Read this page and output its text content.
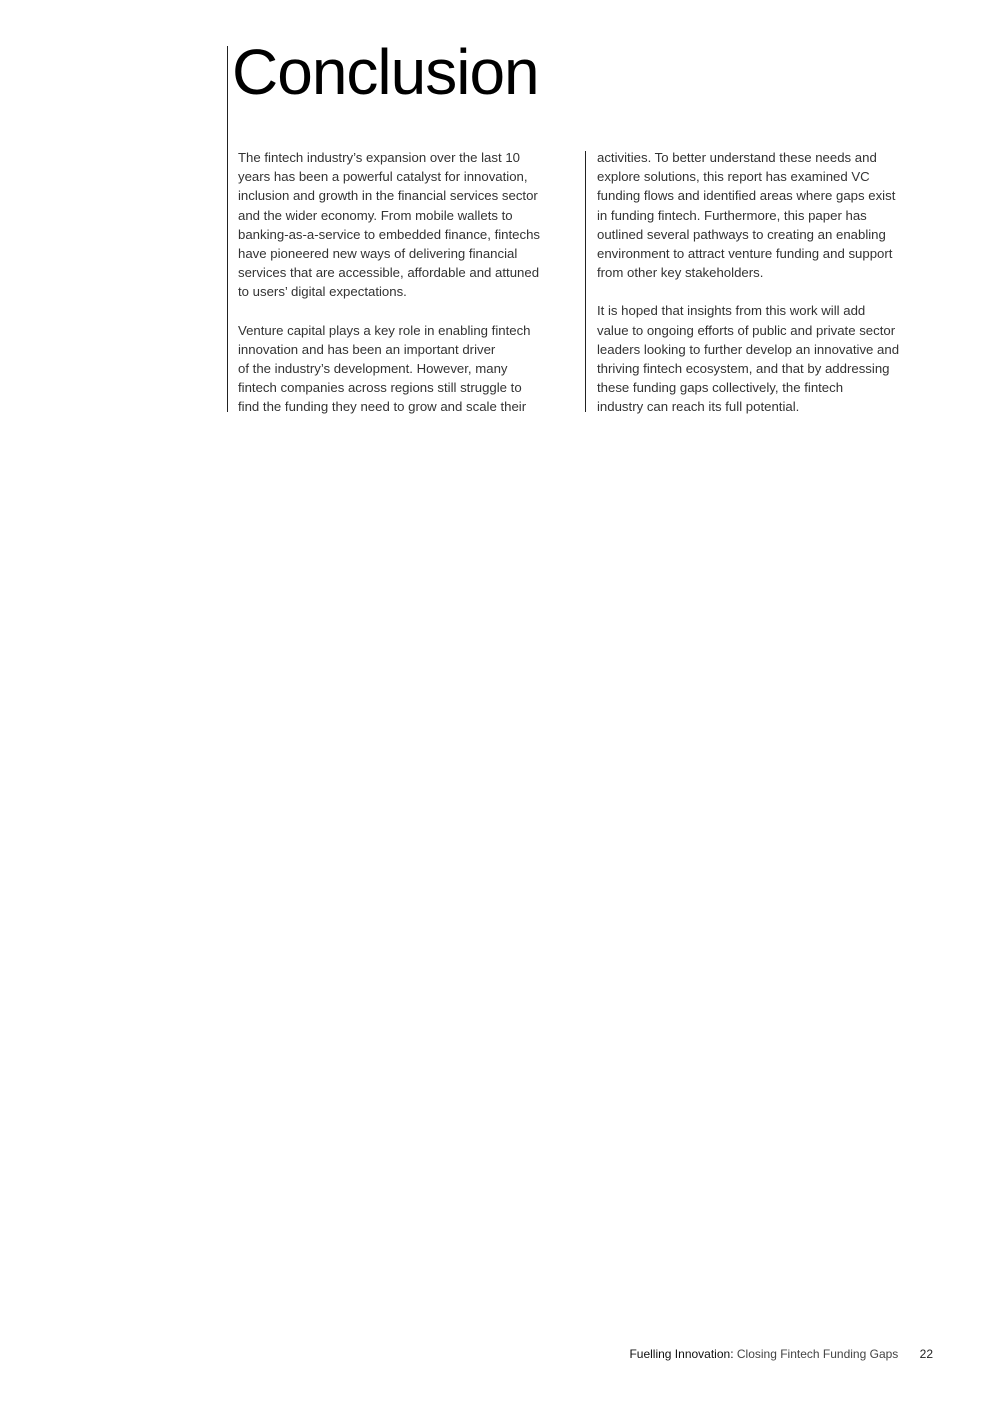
Conclusion

The fintech industry’s expansion over the last 10
years has been a powerful catalyst for innovation,
inclusion and growth in the financial services sector
and the wider economy. From mobile wallets to
banking-as-a-service to embedded finance, fintechs
have pioneered new ways of delivering financial
services that are accessible, affordable and attuned
to users’ digital expectations.

Venture capital plays a key role in enabling fintech
innovation and has been an important driver
of the industry’s development. However, many
fintech companies across regions still struggle to
find the funding they need to grow and scale their

activities. To better understand these needs and
explore solutions, this report has examined VC
funding flows and identified areas where gaps exist
in funding fintech. Furthermore, this paper has
outlined several pathways to creating an enabling
environment to attract venture funding and support
from other key stakeholders.

It is hoped that insights from this work will add
value to ongoing efforts of public and private sector
leaders looking to further develop an innovative and
thriving fintech ecosystem, and that by addressing
these funding gaps collectively, the fintech
industry can reach its full potential.

Fuelling Innovation: Closing Fintech Funding Gaps 22
